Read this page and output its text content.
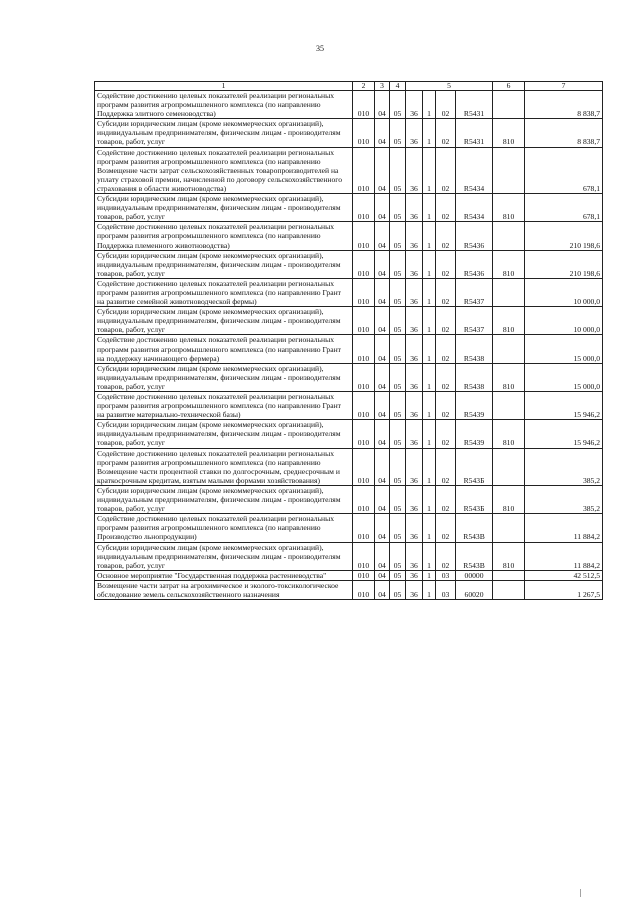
35
1	2	3	4	5				6	7
Содействие достижению целевых показателей реализации региональных программ развития агропромышленного комплекса (по направлению Поддержка элитного семеноводства)	010	04	05	36	1	02	R5431		8 838,7
Субсидии юридическим лицам (кроме некоммерческих организаций), индивидуальным предпринимателям, физическим лицам - производителям товаров, работ, услуг	010	04	05	36	1	02	R5431	810	8 838,7
Содействие достижению целевых показателей реализации региональных программ развития агропромышленного комплекса (по направлению Возмещение части затрат сельскохозяйственных товаропроизводителей на уплату страховой премии, начисленной по договору сельскохозяйственного страхования в области животноводства)	010	04	05	36	1	02	R5434		678,1
Субсидии юридическим лицам (кроме некоммерческих организаций), индивидуальным предпринимателям, физическим лицам - производителям товаров, работ, услуг	010	04	05	36	1	02	R5434	810	678,1
Содействие достижению целевых показателей реализации региональных программ развития агропромышленного комплекса (по направлению Поддержка племенного животноводства)	010	04	05	36	1	02	R5436		210 198,6
Субсидии юридическим лицам (кроме некоммерческих организаций), индивидуальным предпринимателям, физическим лицам - производителям товаров, работ, услуг	010	04	05	36	1	02	R5436	810	210 198,6
Содействие достижению целевых показателей реализации региональных программ развития агропромышленного комплекса (по направлению Грант на развитие семейной животноводческой фермы)	010	04	05	36	1	02	R5437		10 000,0
Субсидии юридическим лицам (кроме некоммерческих организаций), индивидуальным предпринимателям, физическим лицам - производителям товаров, работ, услуг	010	04	05	36	1	02	R5437	810	10 000,0
Содействие достижению целевых показателей реализации региональных программ развития агропромышленного комплекса (по направлению Грант на поддержку начинающего фермера)	010	04	05	36	1	02	R5438		15 000,0
Субсидии юридическим лицам (кроме некоммерческих организаций), индивидуальным предпринимателям, физическим лицам - производителям товаров, работ, услуг	010	04	05	36	1	02	R5438	810	15 000,0
Содействие достижению целевых показателей реализации региональных программ развития агропромышленного комплекса (по направлению Грант на развитие материально-технической базы)	010	04	05	36	1	02	R5439		15 946,2
Субсидии юридическим лицам (кроме некоммерческих организаций), индивидуальным предпринимателям, физическим лицам - производителям товаров, работ, услуг	010	04	05	36	1	02	R5439	810	15 946,2
Содействие достижению целевых показателей реализации региональных программ развития агропромышленного комплекса (по направлению Возмещение части процентной ставки по долгосрочным, среднесрочным и краткосрочным кредитам, взятым малыми формами хозяйствования)	010	04	05	36	1	02	R543Б		385,2
Субсидии юридическим лицам (кроме некоммерческих организаций), индивидуальным предпринимателям, физическим лицам - производителям товаров, работ, услуг	010	04	05	36	1	02	R543Б	810	385,2
Содействие достижению целевых показателей реализации региональных программ развития агропромышленного комплекса (по направлению Производство льнопродукции)	010	04	05	36	1	02	R543В		11 884,2
Субсидии юридическим лицам (кроме некоммерческих организаций), индивидуальным предпринимателям, физическим лицам - производителям товаров, работ, услуг	010	04	05	36	1	02	R543В	810	11 884,2
Основное мероприятие "Государственная поддержка растениеводства"	010	04	05	36	1	03	00000		42 512,5
Возмещение части затрат на агрохимическое и эколого-токсикологическое обследование земель сельскохозяйственного назначения	010	04	05	36	1	03	60020		1 267,5
|
